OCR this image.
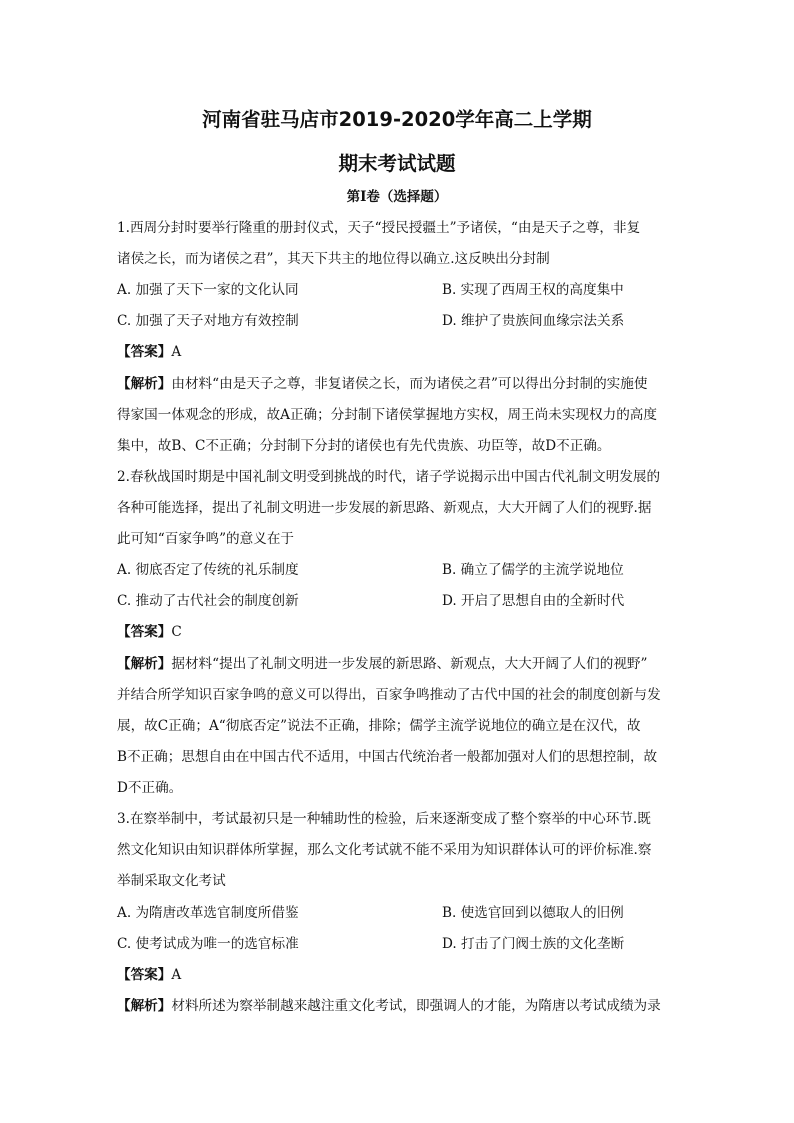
河南省驻马店市2019-2020学年高二上学期
期末考试试题
第Ⅰ卷（选择题）
1.西周分封时要举行隆重的册封仪式，天子“授民授疆土”予诸侯，“由是天子之尊，非复
诸侯之长，而为诸侯之君”，其天下共主的地位得以确立.这反映出分封制
A. 加强了天下一家的文化认同	B. 实现了西周王权的高度集中
C. 加强了天子对地方有效控制	D. 维护了贵族间血缘宗法关系
【答案】A
【解析】由材料“由是天子之尊，非复诸侯之长，而为诸侯之君”可以得出分封制的实施使
得家国一体观念的形成，故A正确；分封制下诸侯掌握地方实权，周王尚未实现权力的高度
集中，故B、C不正确；分封制下分封的诸侯也有先代贵族、功臣等，故D不正确。
2.春秋战国时期是中国礼制文明受到挑战的时代，诸子学说揭示出中国古代礼制文明发展的
各种可能选择，提出了礼制文明进一步发展的新思路、新观点，大大开阔了人们的视野.据
此可知“百家争鸣”的意义在于
A. 彻底否定了传统的礼乐制度	B. 确立了儒学的主流学说地位
C. 推动了古代社会的制度创新	D. 开启了思想自由的全新时代
【答案】C
【解析】据材料“提出了礼制文明进一步发展的新思路、新观点，大大开阔了人们的视野”
并结合所学知识百家争鸣的意义可以得出，百家争鸣推动了古代中国的社会的制度创新与发
展，故C正确；A“彻底否定”说法不正确，排除；儒学主流学说地位的确立是在汉代，故
B不正确；思想自由在中国古代不适用，中国古代统治者一般都加强对人们的思想控制，故
D不正确。
3.在察举制中，考试最初只是一种辅助性的检验，后来逐渐变成了整个察举的中心环节.既
然文化知识由知识群体所掌握，那么文化考试就不能不采用为知识群体认可的评价标准.察
举制采取文化考试
A. 为隋唐改革选官制度所借鉴	B. 使选官回到以德取人的旧例
C. 使考试成为唯一的选官标准	D. 打击了门阀士族的文化垄断
【答案】A
【解析】材料所述为察举制越来越注重文化考试，即强调人的才能，为隋唐以考试成绩为录
